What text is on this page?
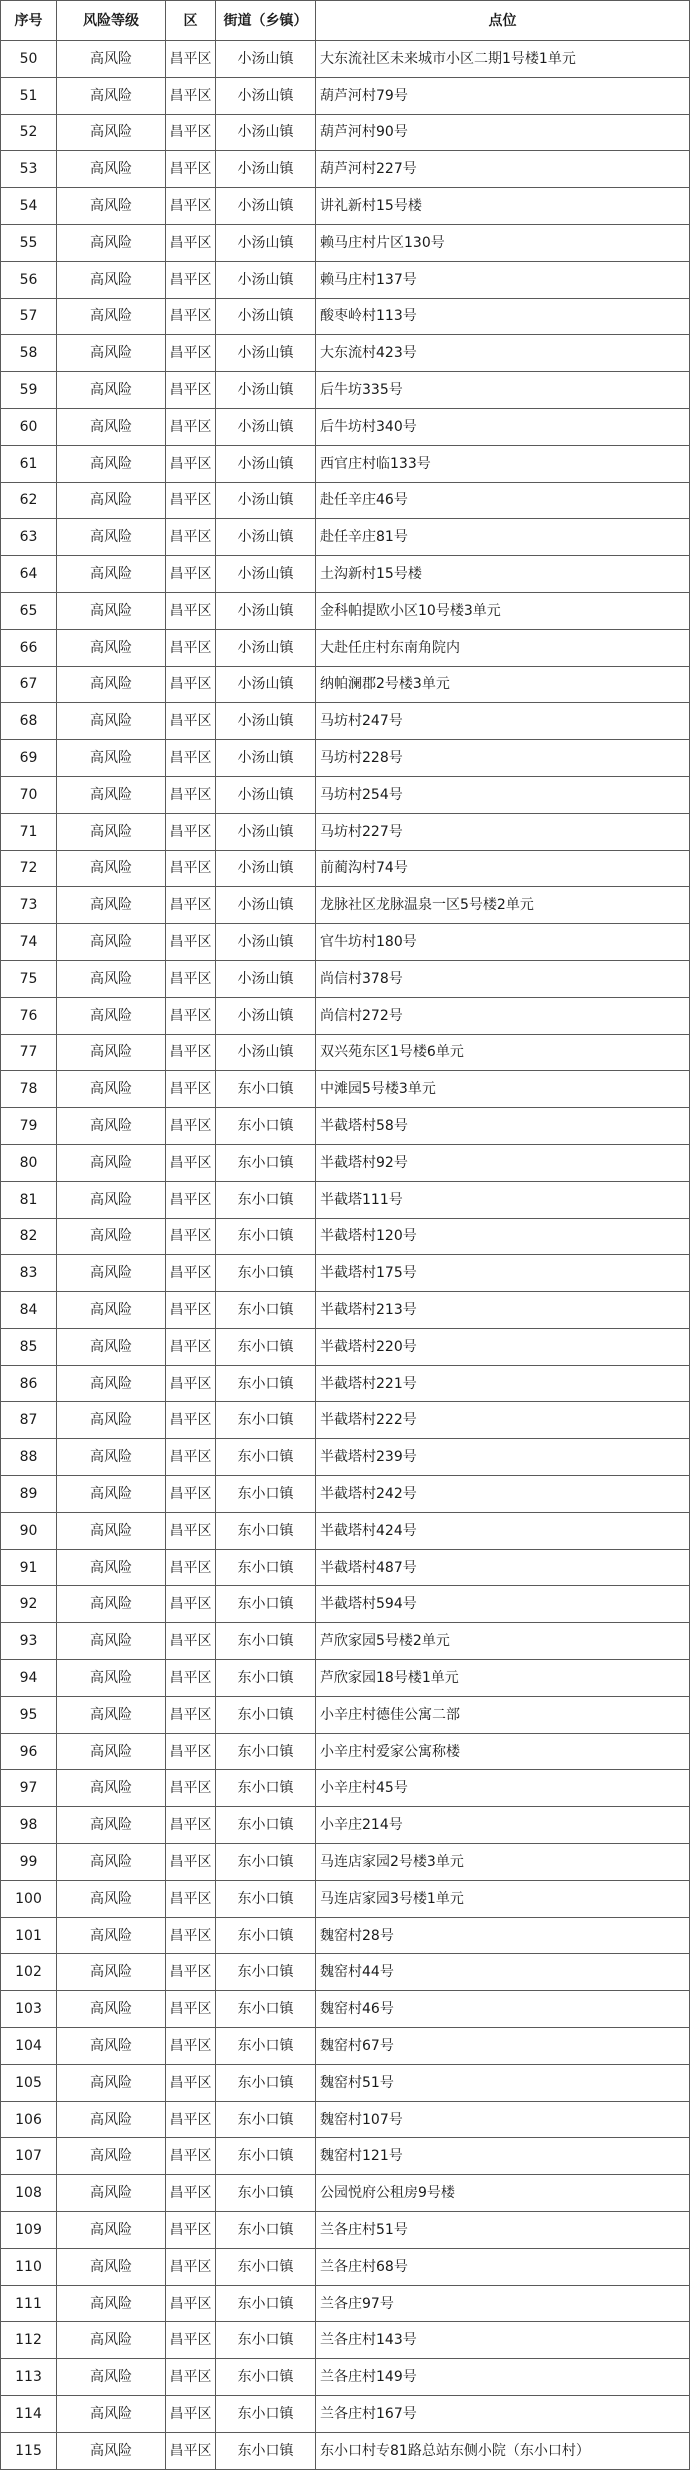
序号	风险等级	区	街道（乡镇）	点位
50	高风险	昌平区	小汤山镇	大东流社区未来城市小区二期1号楼1单元
51	高风险	昌平区	小汤山镇	葫芦河村79号
52	高风险	昌平区	小汤山镇	葫芦河村90号
53	高风险	昌平区	小汤山镇	葫芦河村227号
54	高风险	昌平区	小汤山镇	讲礼新村15号楼
55	高风险	昌平区	小汤山镇	赖马庄村片区130号
56	高风险	昌平区	小汤山镇	赖马庄村137号
57	高风险	昌平区	小汤山镇	酸枣岭村113号
58	高风险	昌平区	小汤山镇	大东流村423号
59	高风险	昌平区	小汤山镇	后牛坊335号
60	高风险	昌平区	小汤山镇	后牛坊村340号
61	高风险	昌平区	小汤山镇	西官庄村临133号
62	高风险	昌平区	小汤山镇	赴任辛庄46号
63	高风险	昌平区	小汤山镇	赴任辛庄81号
64	高风险	昌平区	小汤山镇	土沟新村15号楼
65	高风险	昌平区	小汤山镇	金科帕提欧小区10号楼3单元
66	高风险	昌平区	小汤山镇	大赴任庄村东南角院内
67	高风险	昌平区	小汤山镇	纳帕澜郡2号楼3单元
68	高风险	昌平区	小汤山镇	马坊村247号
69	高风险	昌平区	小汤山镇	马坊村228号
70	高风险	昌平区	小汤山镇	马坊村254号
71	高风险	昌平区	小汤山镇	马坊村227号
72	高风险	昌平区	小汤山镇	前蔺沟村74号
73	高风险	昌平区	小汤山镇	龙脉社区龙脉温泉一区5号楼2单元
74	高风险	昌平区	小汤山镇	官牛坊村180号
75	高风险	昌平区	小汤山镇	尚信村378号
76	高风险	昌平区	小汤山镇	尚信村272号
77	高风险	昌平区	小汤山镇	双兴苑东区1号楼6单元
78	高风险	昌平区	东小口镇	中滩园5号楼3单元
79	高风险	昌平区	东小口镇	半截塔村58号
80	高风险	昌平区	东小口镇	半截塔村92号
81	高风险	昌平区	东小口镇	半截塔111号
82	高风险	昌平区	东小口镇	半截塔村120号
83	高风险	昌平区	东小口镇	半截塔村175号
84	高风险	昌平区	东小口镇	半截塔村213号
85	高风险	昌平区	东小口镇	半截塔村220号
86	高风险	昌平区	东小口镇	半截塔村221号
87	高风险	昌平区	东小口镇	半截塔村222号
88	高风险	昌平区	东小口镇	半截塔村239号
89	高风险	昌平区	东小口镇	半截塔村242号
90	高风险	昌平区	东小口镇	半截塔村424号
91	高风险	昌平区	东小口镇	半截塔村487号
92	高风险	昌平区	东小口镇	半截塔村594号
93	高风险	昌平区	东小口镇	芦欣家园5号楼2单元
94	高风险	昌平区	东小口镇	芦欣家园18号楼1单元
95	高风险	昌平区	东小口镇	小辛庄村德佳公寓二部
96	高风险	昌平区	东小口镇	小辛庄村爱家公寓称楼
97	高风险	昌平区	东小口镇	小辛庄村45号
98	高风险	昌平区	东小口镇	小辛庄214号
99	高风险	昌平区	东小口镇	马连店家园2号楼3单元
100	高风险	昌平区	东小口镇	马连店家园3号楼1单元
101	高风险	昌平区	东小口镇	魏窑村28号
102	高风险	昌平区	东小口镇	魏窑村44号
103	高风险	昌平区	东小口镇	魏窑村46号
104	高风险	昌平区	东小口镇	魏窑村67号
105	高风险	昌平区	东小口镇	魏窑村51号
106	高风险	昌平区	东小口镇	魏窑村107号
107	高风险	昌平区	东小口镇	魏窑村121号
108	高风险	昌平区	东小口镇	公园悦府公租房9号楼
109	高风险	昌平区	东小口镇	兰各庄村51号
110	高风险	昌平区	东小口镇	兰各庄村68号
111	高风险	昌平区	东小口镇	兰各庄97号
112	高风险	昌平区	东小口镇	兰各庄村143号
113	高风险	昌平区	东小口镇	兰各庄村149号
114	高风险	昌平区	东小口镇	兰各庄村167号
115	高风险	昌平区	东小口镇	东小口村专81路总站东侧小院（东小口村）
